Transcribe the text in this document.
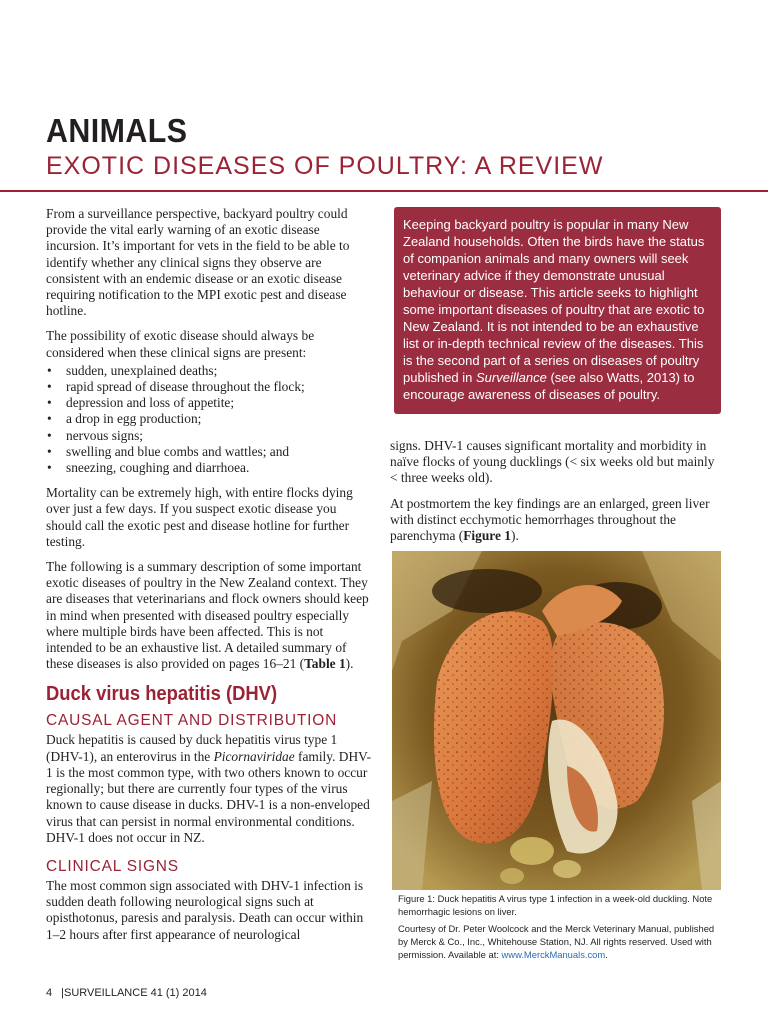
ANIMALS
EXOTIC DISEASES OF POULTRY: A REVIEW

From a surveillance perspective, backyard poultry could provide the vital early warning of an exotic disease incursion. It’s important for vets in the field to be able to identify whether any clinical signs they observe are consistent with an endemic disease or an exotic disease requiring notification to the MPI exotic pest and disease hotline.

The possibility of exotic disease should always be considered when these clinical signs are present:

• sudden, unexplained deaths;
• rapid spread of disease throughout the flock;
• depression and loss of appetite;
• a drop in egg production;
• nervous signs;
• swelling and blue combs and wattles; and
• sneezing, coughing and diarrhoea.

Mortality can be extremely high, with entire flocks dying over just a few days. If you suspect exotic disease you should call the exotic pest and disease hotline for further testing.

The following is a summary description of some important exotic diseases of poultry in the New Zealand context. They are diseases that veterinarians and flock owners should keep in mind when presented with diseased poultry especially where multiple birds have been affected. This is not intended to be an exhaustive list. A detailed summary of these diseases is also provided on pages 16–21 (Table 1).

Duck virus hepatitis (DHV)
CAUSAL AGENT AND DISTRIBUTION

Duck hepatitis is caused by duck hepatitis virus type 1 (DHV-1), an enterovirus in the Picornaviridae family. DHV-1 is the most common type, with two others known to occur regionally; but there are currently four types of the virus known to cause disease in ducks. DHV-1 is a non-enveloped virus that can persist in normal environmental conditions. DHV-1 does not occur in NZ.

CLINICAL SIGNS

The most common sign associated with DHV-1 infection is sudden death following neurological signs such at opisthotonus, paresis and paralysis. Death can occur within 1–2 hours after first appearance of neurological

Keeping backyard poultry is popular in many New Zealand households. Often the birds have the status of companion animals and many owners will seek veterinary advice if they demonstrate unusual behaviour or disease. This article seeks to highlight some important diseases of poultry that are exotic to New Zealand. It is not intended to be an exhaustive list or in-depth technical review of the diseases. This is the second part of a series on diseases of poultry published in Surveillance (see also Watts, 2013) to encourage awareness of diseases of poultry.

signs. DHV-1 causes significant mortality and morbidity in naïve flocks of young ducklings (< six weeks old but mainly < three weeks old).

At postmortem the key findings are an enlarged, green liver with distinct ecchymotic hemorrhages throughout the parenchyma (Figure 1).

Figure 1: Duck hepatitis A virus type 1 infection in a week-old duckling. Note hemorrhagic lesions on liver.

Courtesy of Dr. Peter Woolcock and the Merck Veterinary Manual, published by Merck & Co., Inc., Whitehouse Station, NJ. All rights reserved. Used with permission. Available at: www.MerckManuals.com.

4 |SURVEILLANCE 41 (1) 2014
